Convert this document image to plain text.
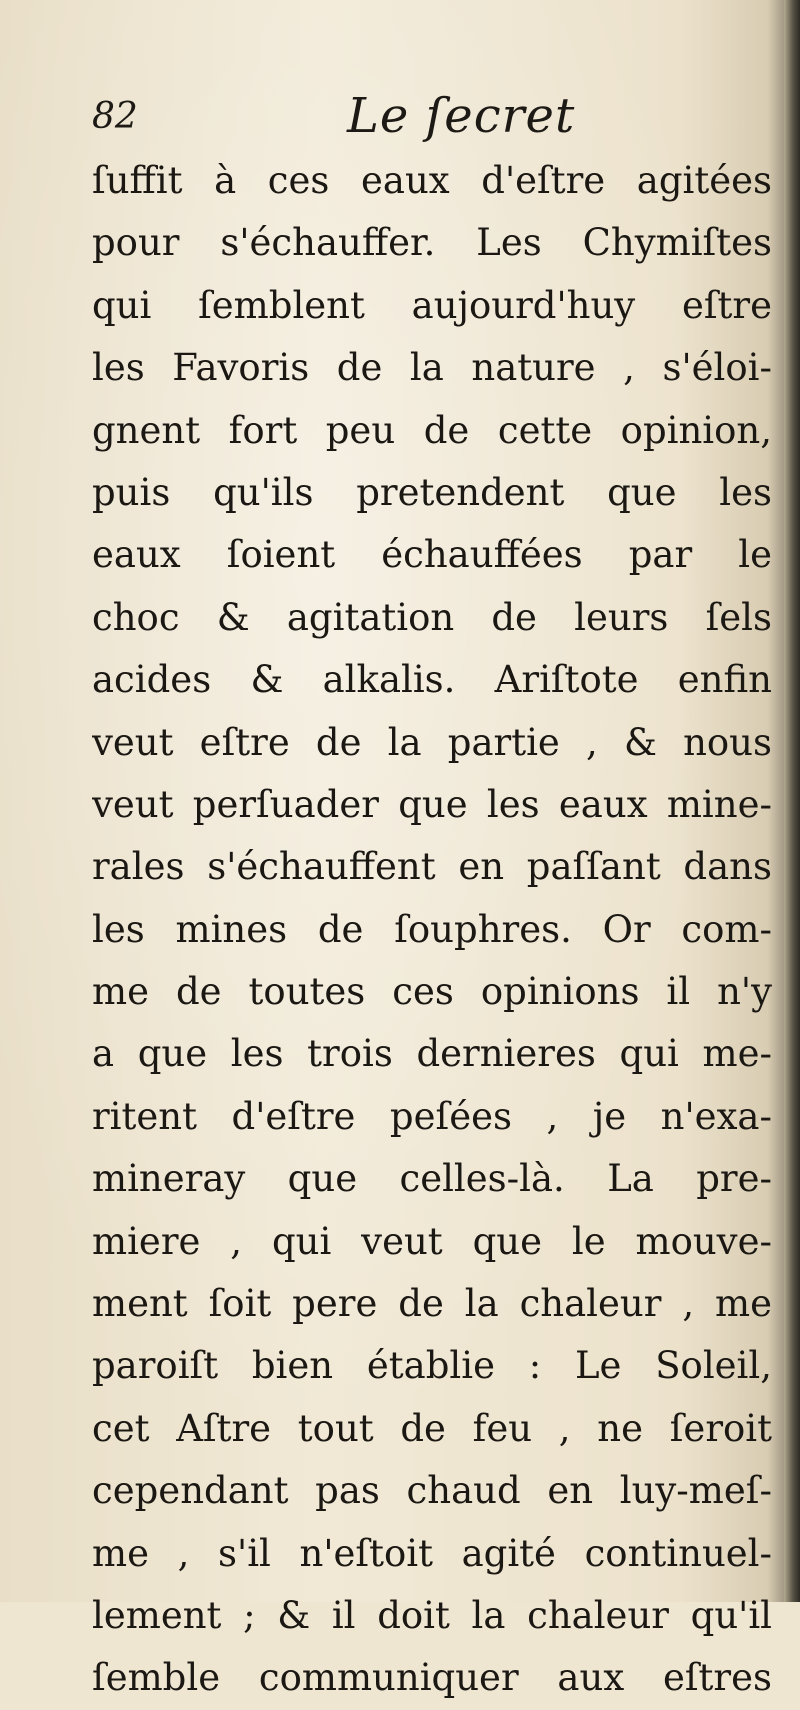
82	Le ſecret
ſuffit à ces eaux d'eſtre agitées
pour s'échauffer. Les Chymiſtes
qui ſemblent aujourd'huy eſtre
les Favoris de la nature , s'éloi-
gnent fort peu de cette opinion,
puis qu'ils pretendent que les
eaux ſoient échauffées par le
choc & agitation de leurs ſels
acides & alkalis. Ariſtote enfin
veut eſtre de la partie , & nous
veut perſuader que les eaux mine-
rales s'échauffent en paſſant dans
les mines de ſouphres. Or com-
me de toutes ces opinions il n'y
a que les trois dernieres qui me-
ritent d'eſtre peſées , je n'exa-
mineray que celles-là. La pre-
miere , qui veut que le mouve-
ment ſoit pere de la chaleur , me
paroiſt bien établie : Le Soleil,
cet Aſtre tout de feu , ne ſeroit
cependant pas chaud en luy-meſ-
me , s'il n'eſtoit agité continuel-
lement ; & il doit la chaleur qu'il
ſemble communiquer aux eſtres
